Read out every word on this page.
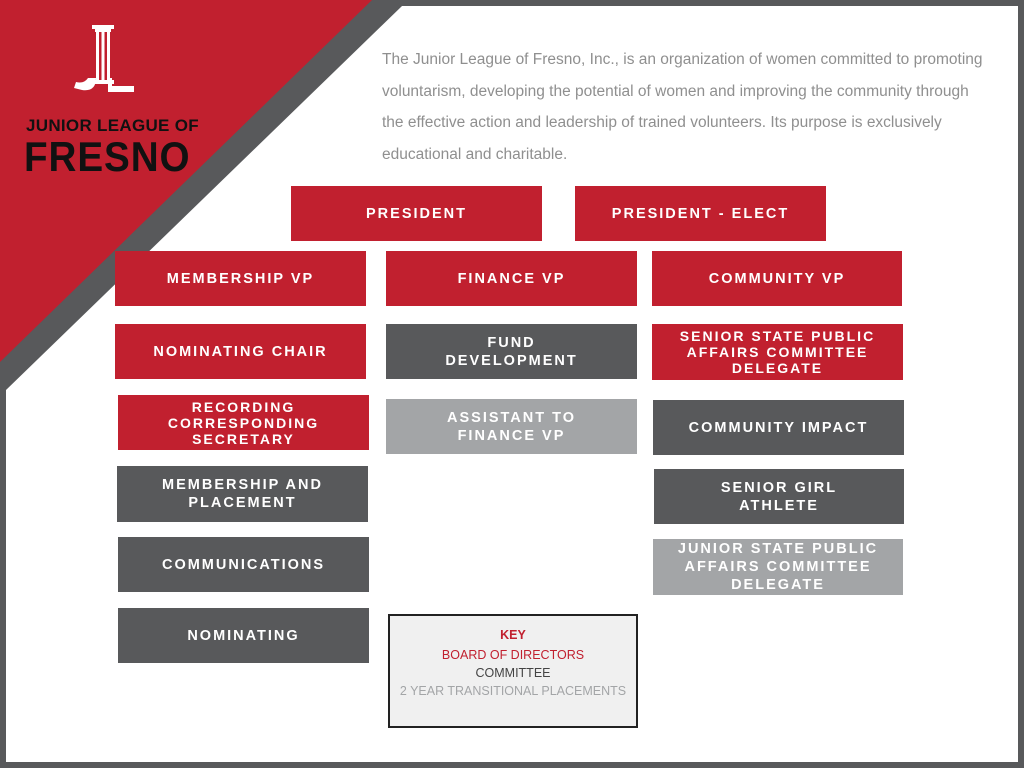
JUNIOR LEAGUE OF
FRESNO
The Junior League of Fresno, Inc., is an organization of women committed to promoting voluntarism, developing the potential of women and improving the community through the effective action and leadership of trained volunteers. Its purpose is exclusively educational and charitable.
PRESIDENT	PRESIDENT - ELECT
MEMBERSHIP VP
NOMINATING CHAIR
RECORDING CORRESPONDING SECRETARY
MEMBERSHIP AND PLACEMENT
COMMUNICATIONS
NOMINATING
FINANCE VP
FUND DEVELOPMENT
ASSISTANT TO FINANCE VP
COMMUNITY VP
SENIOR STATE PUBLIC AFFAIRS COMMITTEE DELEGATE
COMMUNITY IMPACT
SENIOR GIRL ATHLETE
JUNIOR STATE PUBLIC AFFAIRS COMMITTEE DELEGATE
KEY
BOARD OF DIRECTORS
COMMITTEE
2 YEAR TRANSITIONAL PLACEMENTS
